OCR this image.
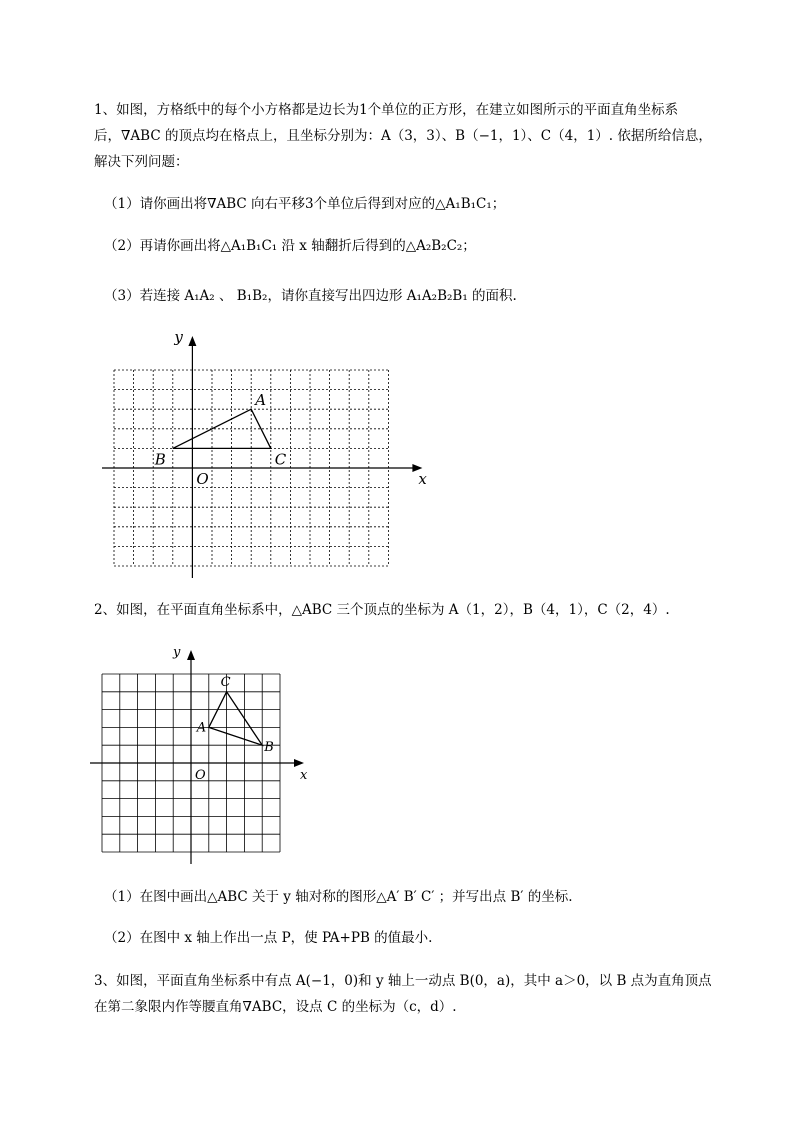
1、如图，方格纸中的每个小方格都是边长为1个单位的正方形，在建立如图所示的平面直角坐标系
后，∇ABC 的顶点均在格点上，且坐标分别为：A（3，3）、B（−1，1）、C（4，1）. 依据所给信息，
解决下列问题：
（1）请你画出将∇ABC 向右平移3个单位后得到对应的△A₁B₁C₁；
（2）再请你画出将△A₁B₁C₁ 沿 x 轴翻折后得到的△A₂B₂C₂；
（3）若连接 A₁A₂ 、 B₁B₂，请你直接写出四边形 A₁A₂B₂B₁ 的面积.
x
y
O
A
B	C
2、如图，在平面直角坐标系中，△ABC 三个顶点的坐标为 A（1，2），B（4，1），C（2，4）.
x
y
O
A
B
C
（1）在图中画出△ABC 关于 y 轴对称的图形△A′ B′ C′ ；并写出点 B′ 的坐标.
（2）在图中 x 轴上作出一点 P，使 PA+PB 的值最小.
3、如图，平面直角坐标系中有点 A(−1，0)和 y 轴上一动点 B(0，a)，其中 a＞0，以 B 点为直角顶点
在第二象限内作等腰直角∇ABC，设点 C 的坐标为（c，d）.
